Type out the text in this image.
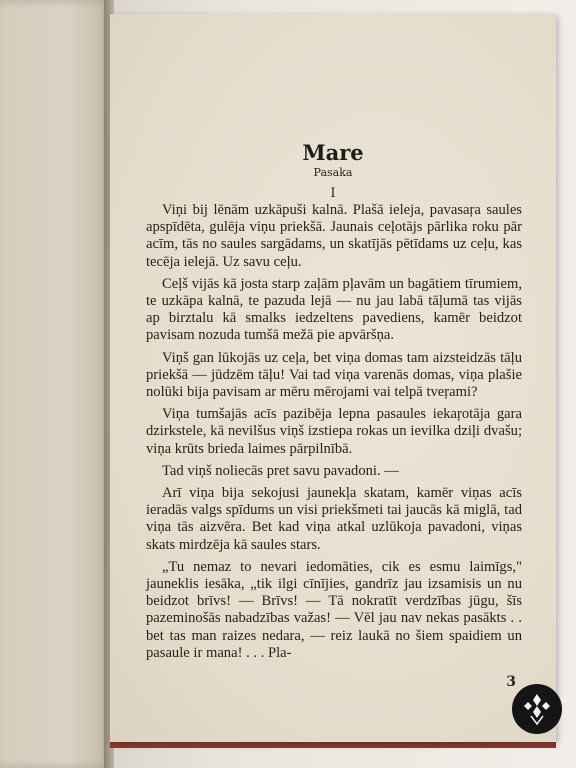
Mare
Pasaka
I

Viņi bij lēnām uzkāpuši kalnā. Plašā ieleja, pavasaŗa saules apspīdēta, gulēja viņu priekšā. Jaunais ceļotājs pārlika roku pār acīm, tās no saules sargādams, un skatījās pētīdams uz ceļu, kas tecēja ielejā. Uz savu ceļu.

Ceļš vijās kā josta starp zaļām pļavām un bagātiem tīrumiem, te uzkāpa kalnā, te pazuda lejā — nu jau labā tāļumā tas vijās ap birztalu kā smalks iedzeltens pavediens, kamēr beidzot pavisam nozuda tumšā mežā pie apvāršņa.

Viņš gan lūkojās uz ceļa, bet viņa domas tam aizsteidzās tāļu priekšā — jūdzēm tāļu! Vai tad viņa varenās domas, viņa plašie nolūki bija pavisam ar mēru mērojami vai telpā tveŗami?

Viņa tumšajās acīs pazibēja lepna pasaules iekaŗotāja gara dzirkstele, kā nevilšus viņš izstiepa rokas un ievilka dziļi dvašu; viņa krūts brieda laimes pārpilnībā.

Tad viņš noliecās pret savu pavadoni. —

Arī viņa bija sekojusi jaunekļa skatam, kamēr viņas acīs ieradās valgs spīdums un visi priekšmeti tai jaucās kā miglā, tad viņa tās aizvēra. Bet kad viņa atkal uzlūkoja pavadoni, viņas skats mirdzēja kā saules stars.

„Tu nemaz to nevari iedomāties, cik es esmu laimīgs," jauneklis iesāka, „tik ilgi cīnījies, gandrīz jau izsamisis un nu beidzot brīvs! — Brīvs! — Tā nokratīt verdzības jūgu, šīs pazeminošās nabadzības važas! — Vēl jau nav nekas pasākts . . bet tas man raizes nedara, — reiz laukā no šiem spaidiem un pasaule ir mana! . . . Pla-

3
